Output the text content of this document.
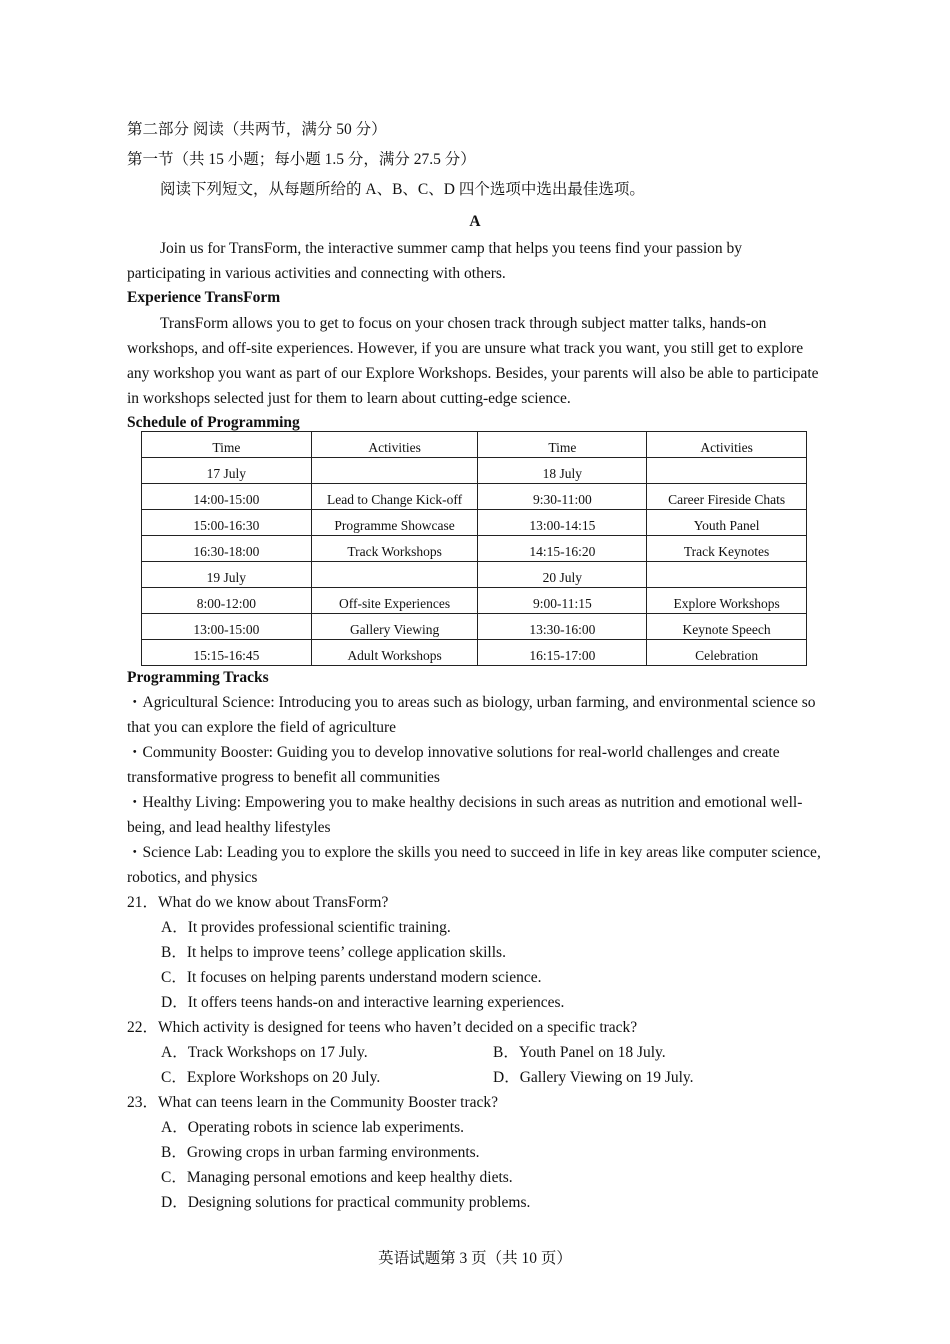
第二部分 阅读（共两节，满分 50 分）
第一节（共 15 小题；每小题 1.5 分，满分 27.5 分）
阅读下列短文，从每题所给的 A、B、C、D 四个选项中选出最佳选项。
A
Join us for TransForm, the interactive summer camp that helps you teens find your passion by participating in various activities and connecting with others.
Experience TransForm
TransForm allows you to get to focus on your chosen track through subject matter talks, hands-on workshops, and off-site experiences. However, if you are unsure what track you want, you still get to explore any workshop you want as part of our Explore Workshops. Besides, your parents will also be able to participate in workshops selected just for them to learn about cutting-edge science.
Schedule of Programming
Time	Activities	Time	Activities
17 July		18 July	
14:00-15:00	Lead to Change Kick-off	9:30-11:00	Career Fireside Chats
15:00-16:30	Programme Showcase	13:00-14:15	Youth Panel
16:30-18:00	Track Workshops	14:15-16:20	Track Keynotes
19 July		20 July	
8:00-12:00	Off-site Experiences	9:00-11:15	Explore Workshops
13:00-15:00	Gallery Viewing	13:30-16:00	Keynote Speech
15:15-16:45	Adult Workshops	16:15-17:00	Celebration
Programming Tracks
・Agricultural Science: Introducing you to areas such as biology, urban farming, and environmental science so that you can explore the field of agriculture
・Community Booster: Guiding you to develop innovative solutions for real-world challenges and create transformative progress to benefit all communities
・Healthy Living: Empowering you to make healthy decisions in such areas as nutrition and emotional well-being, and lead healthy lifestyles
・Science Lab: Leading you to explore the skills you need to succeed in life in key areas like computer science, robotics, and physics
21．What do we know about TransForm?
A．It provides professional scientific training.
B．It helps to improve teens’ college application skills.
C．It focuses on helping parents understand modern science.
D．It offers teens hands-on and interactive learning experiences.
22．Which activity is designed for teens who haven’t decided on a specific track?
A．Track Workshops on 17 July.	B．Youth Panel on 18 July.
C．Explore Workshops on 20 July.	D．Gallery Viewing on 19 July.
23．What can teens learn in the Community Booster track?
A．Operating robots in science lab experiments.
B．Growing crops in urban farming environments.
C．Managing personal emotions and keep healthy diets.
D．Designing solutions for practical community problems.
英语试题第 3 页（共 10 页）
